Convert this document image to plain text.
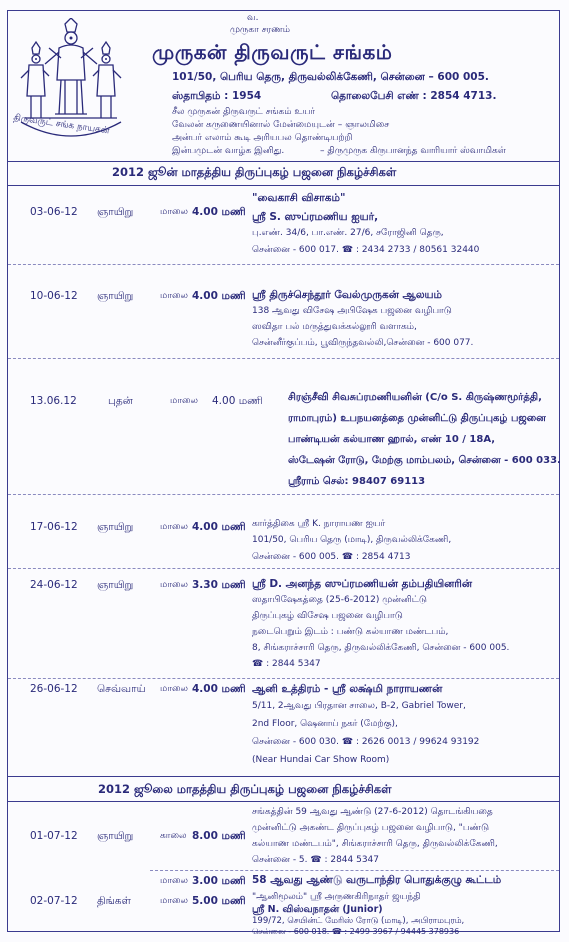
திருவருட் சங்க நாயகன்
வ.
முருகா சரணம்
முருகன் திருவருட் சங்கம்
101/50, பெரிய தெரு, திருவல்லிக்கேணி, சென்னை – 600 005.
ஸ்தாபிதம் : 1954	தொலைபேசி எண் : 2854 4713.
சீல முருகன் திருவருட் சங்கம் உயர்
வேலன் கருணையினால் மேன்மையுடன் – ஞாலமிசை
அன்பர் எலாம் கூடி அரியபல தொண்டியற்றி
இன்பமுடன் வாழ்க இனிது.	– திருமுருக கிருபானந்த வாரியார் ஸ்வாமிகள்
2012 ஜூன் மாதத்திய திருப்புகழ் பஜனை நிகழ்ச்சிகள்
03-06-12 ஞாயிறு	மாலை 4.00 மணி
"வைகாசி விசாகம்"
ஸ்ரீ S. ஸுப்ரமணிய ஐயர்,
பு.எண். 34/6, பா.எண். 27/6, சரோஜினி தெரு,
சென்னை - 600 017. ☎ : 2434 2733 / 80561 32440
10-06-12 ஞாயிறு	மாலை 4.00 மணி ஸ்ரீ திருச்செந்தூர் வேல்முருகன் ஆலயம்
138 ஆவது விசேஷ அபிஷேக பஜனை வழிபாடு
ஸவிதா பல் மருத்துவக்கல்லூரி வளாகம்,
சென்னீர்குப்பம், பூவிருந்தவல்லி,சென்னை - 600 077.
13.06.12	புதன்	மாலை 4.00 மணி	சிரஞ்சீவி சிவசுப்ரமணியனின் (C/o S. கிருஷ்ணமூர்த்தி,
ராமாபுரம்) உபநயனத்தை முன்னிட்டு திருப்புகழ் பஜனை
பாண்டியன் கல்யாண ஹால், எண் 10 / 18A,
ஸ்டேஷன் ரோடு, மேற்கு மாம்பலம், சென்னை - 600 033.
ஸ்ரீராம் செல்: 98407 69113
17-06-12 ஞாயிறு	மாலை 4.00 மணி கார்த்திகை ஸ்ரீ K. நாராயண ஐயர்
101/50, பெரிய தெரு (மாடி), திருவல்லிக்கேணி,
சென்னை - 600 005. ☎ : 2854 4713
24-06-12 ஞாயிறு	மாலை 3.30 மணி ஸ்ரீ D. அனந்த ஸுப்ரமணியன் தம்பதியினரின்
ஸதாபிஷேகத்தை (25-6-2012) முன்னிட்டு
திருப்புகழ் விசேஷ பஜனை வழிபாடு
நடைபெறும் இடம் : பண்டு கல்யாண மண்டபம்,
8, சிங்கராச்சாரி தெரு, திருவல்லிக்கேணி, சென்னை - 600 005.
☎ : 2844 5347
26-06-12 செவ்வாய் மாலை 4.00 மணி ஆனி உத்திரம் - ஸ்ரீ லக்ஷ்மி நாராயணன்
5/11, 2ஆவது பிரதான சாலை, B-2, Gabriel Tower,
2nd Floor, ஷெனாய் நகர் (மேற்கு),
சென்னை - 600 030. ☎ : 2626 0013 / 99624 93192
(Near Hundai Car Show Room)
2012 ஜூலை மாதத்திய திருப்புகழ் பஜனை நிகழ்ச்சிகள்
01-07-12 ஞாயிறு	காலை 8.00 மணி
சங்கத்தின் 59 ஆவது ஆண்டு (27-6-2012) தொடங்கியதை
முன்னிட்டு அகண்ட திருப்புகழ் பஜனை வழிபாடு, "பண்டு
கல்யாண மண்டபம்", சிங்கராச்சாரி தெரு, திருவல்லிக்கேணி,
சென்னை - 5. ☎ : 2844 5347
மாலை 3.00 மணி 58 ஆவது ஆண்டு வருடாந்திர பொதுக்குழு கூட்டம்
02-07-12 திங்கள்	மாலை 5.00 மணி "ஆனிமூலம்" ஸ்ரீ அருணகிரிநாதர் ஜயந்தி
ஸ்ரீ N. விஸ்வநாதன் (Junior)
199/72, செயின்ட் மேரிஸ் ரோடு (மாடி), அபிராமபுரம்,
சென்னை - 600 018. ☎ : 2499 3967 / 94445 378936
